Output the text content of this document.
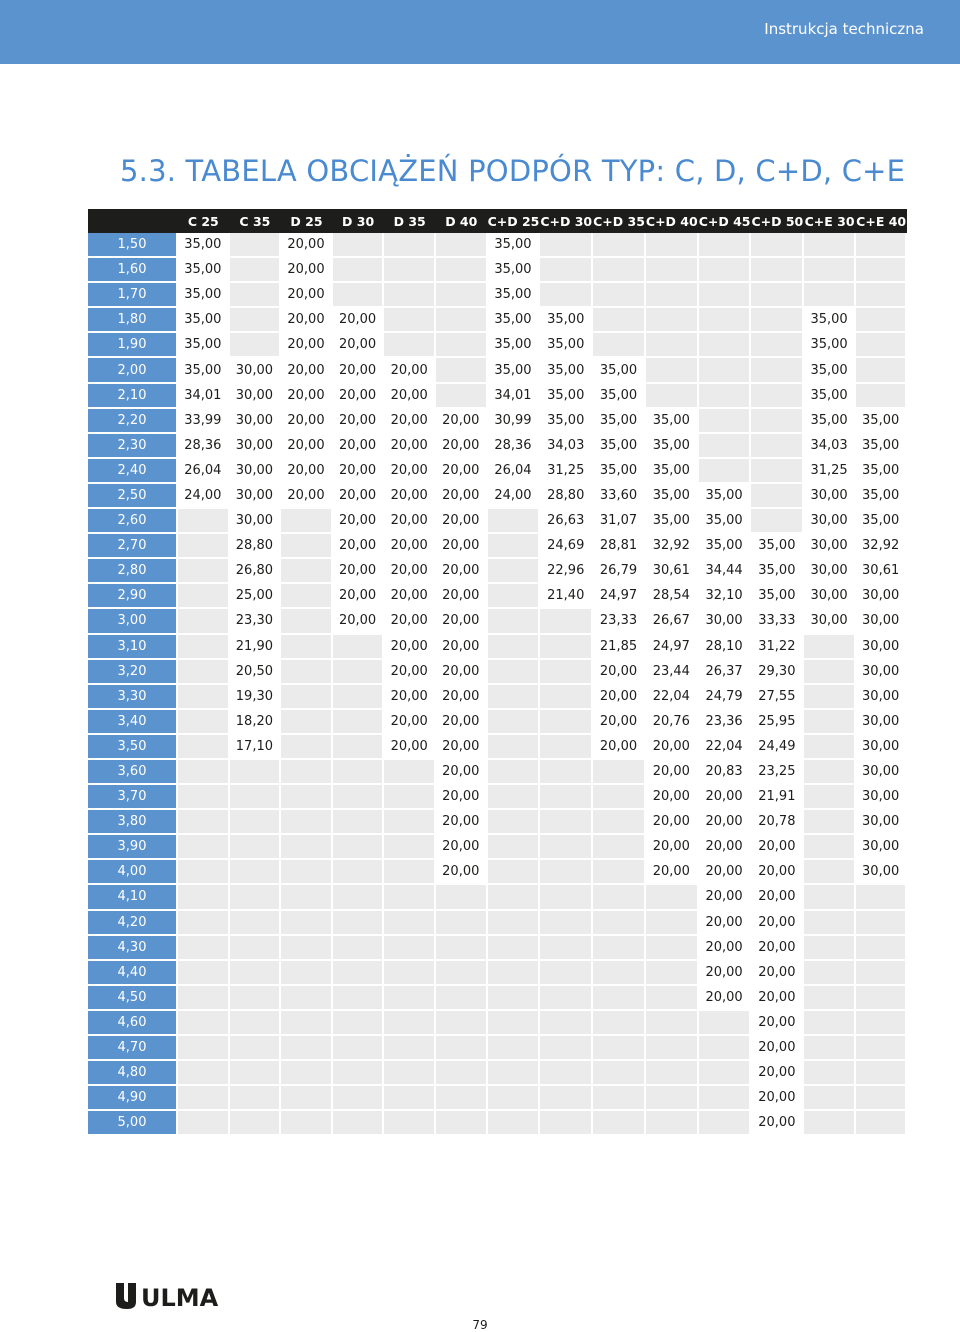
Instrukcja techniczna
5.3. TABELA OBCIĄŻEŃ PODPÓR TYP: C, D, C+D, C+E
	C 25	C 35	D 25	D 30	D 35	D 40	C+D 25	C+D 30	C+D 35	C+D 40	C+D 45	C+D 50	C+E 30	C+E 40
1,50	35,00		20,00				35,00							
1,60	35,00		20,00				35,00							
1,70	35,00		20,00				35,00							
1,80	35,00		20,00	20,00			35,00	35,00					35,00	
1,90	35,00		20,00	20,00			35,00	35,00					35,00	
2,00	35,00	30,00	20,00	20,00	20,00		35,00	35,00	35,00				35,00	
2,10	34,01	30,00	20,00	20,00	20,00		34,01	35,00	35,00				35,00	
2,20	33,99	30,00	20,00	20,00	20,00	20,00	30,99	35,00	35,00	35,00			35,00	35,00
2,30	28,36	30,00	20,00	20,00	20,00	20,00	28,36	34,03	35,00	35,00			34,03	35,00
2,40	26,04	30,00	20,00	20,00	20,00	20,00	26,04	31,25	35,00	35,00			31,25	35,00
2,50	24,00	30,00	20,00	20,00	20,00	20,00	24,00	28,80	33,60	35,00	35,00		30,00	35,00
2,60		30,00		20,00	20,00	20,00		26,63	31,07	35,00	35,00		30,00	35,00
2,70		28,80		20,00	20,00	20,00		24,69	28,81	32,92	35,00	35,00	30,00	32,92
2,80		26,80		20,00	20,00	20,00		22,96	26,79	30,61	34,44	35,00	30,00	30,61
2,90		25,00		20,00	20,00	20,00		21,40	24,97	28,54	32,10	35,00	30,00	30,00
3,00		23,30		20,00	20,00	20,00			23,33	26,67	30,00	33,33	30,00	30,00
3,10		21,90			20,00	20,00			21,85	24,97	28,10	31,22		30,00
3,20		20,50			20,00	20,00			20,00	23,44	26,37	29,30		30,00
3,30		19,30			20,00	20,00			20,00	22,04	24,79	27,55		30,00
3,40		18,20			20,00	20,00			20,00	20,76	23,36	25,95		30,00
3,50		17,10			20,00	20,00			20,00	20,00	22,04	24,49		30,00
3,60						20,00				20,00	20,83	23,25		30,00
3,70						20,00				20,00	20,00	21,91		30,00
3,80						20,00				20,00	20,00	20,78		30,00
3,90						20,00				20,00	20,00	20,00		30,00
4,00						20,00				20,00	20,00	20,00		30,00
4,10											20,00	20,00		
4,20											20,00	20,00		
4,30											20,00	20,00		
4,40											20,00	20,00		
4,50											20,00	20,00		
4,60												20,00		
4,70												20,00		
4,80												20,00		
4,90												20,00		
5,00												20,00		
ULMA
79
